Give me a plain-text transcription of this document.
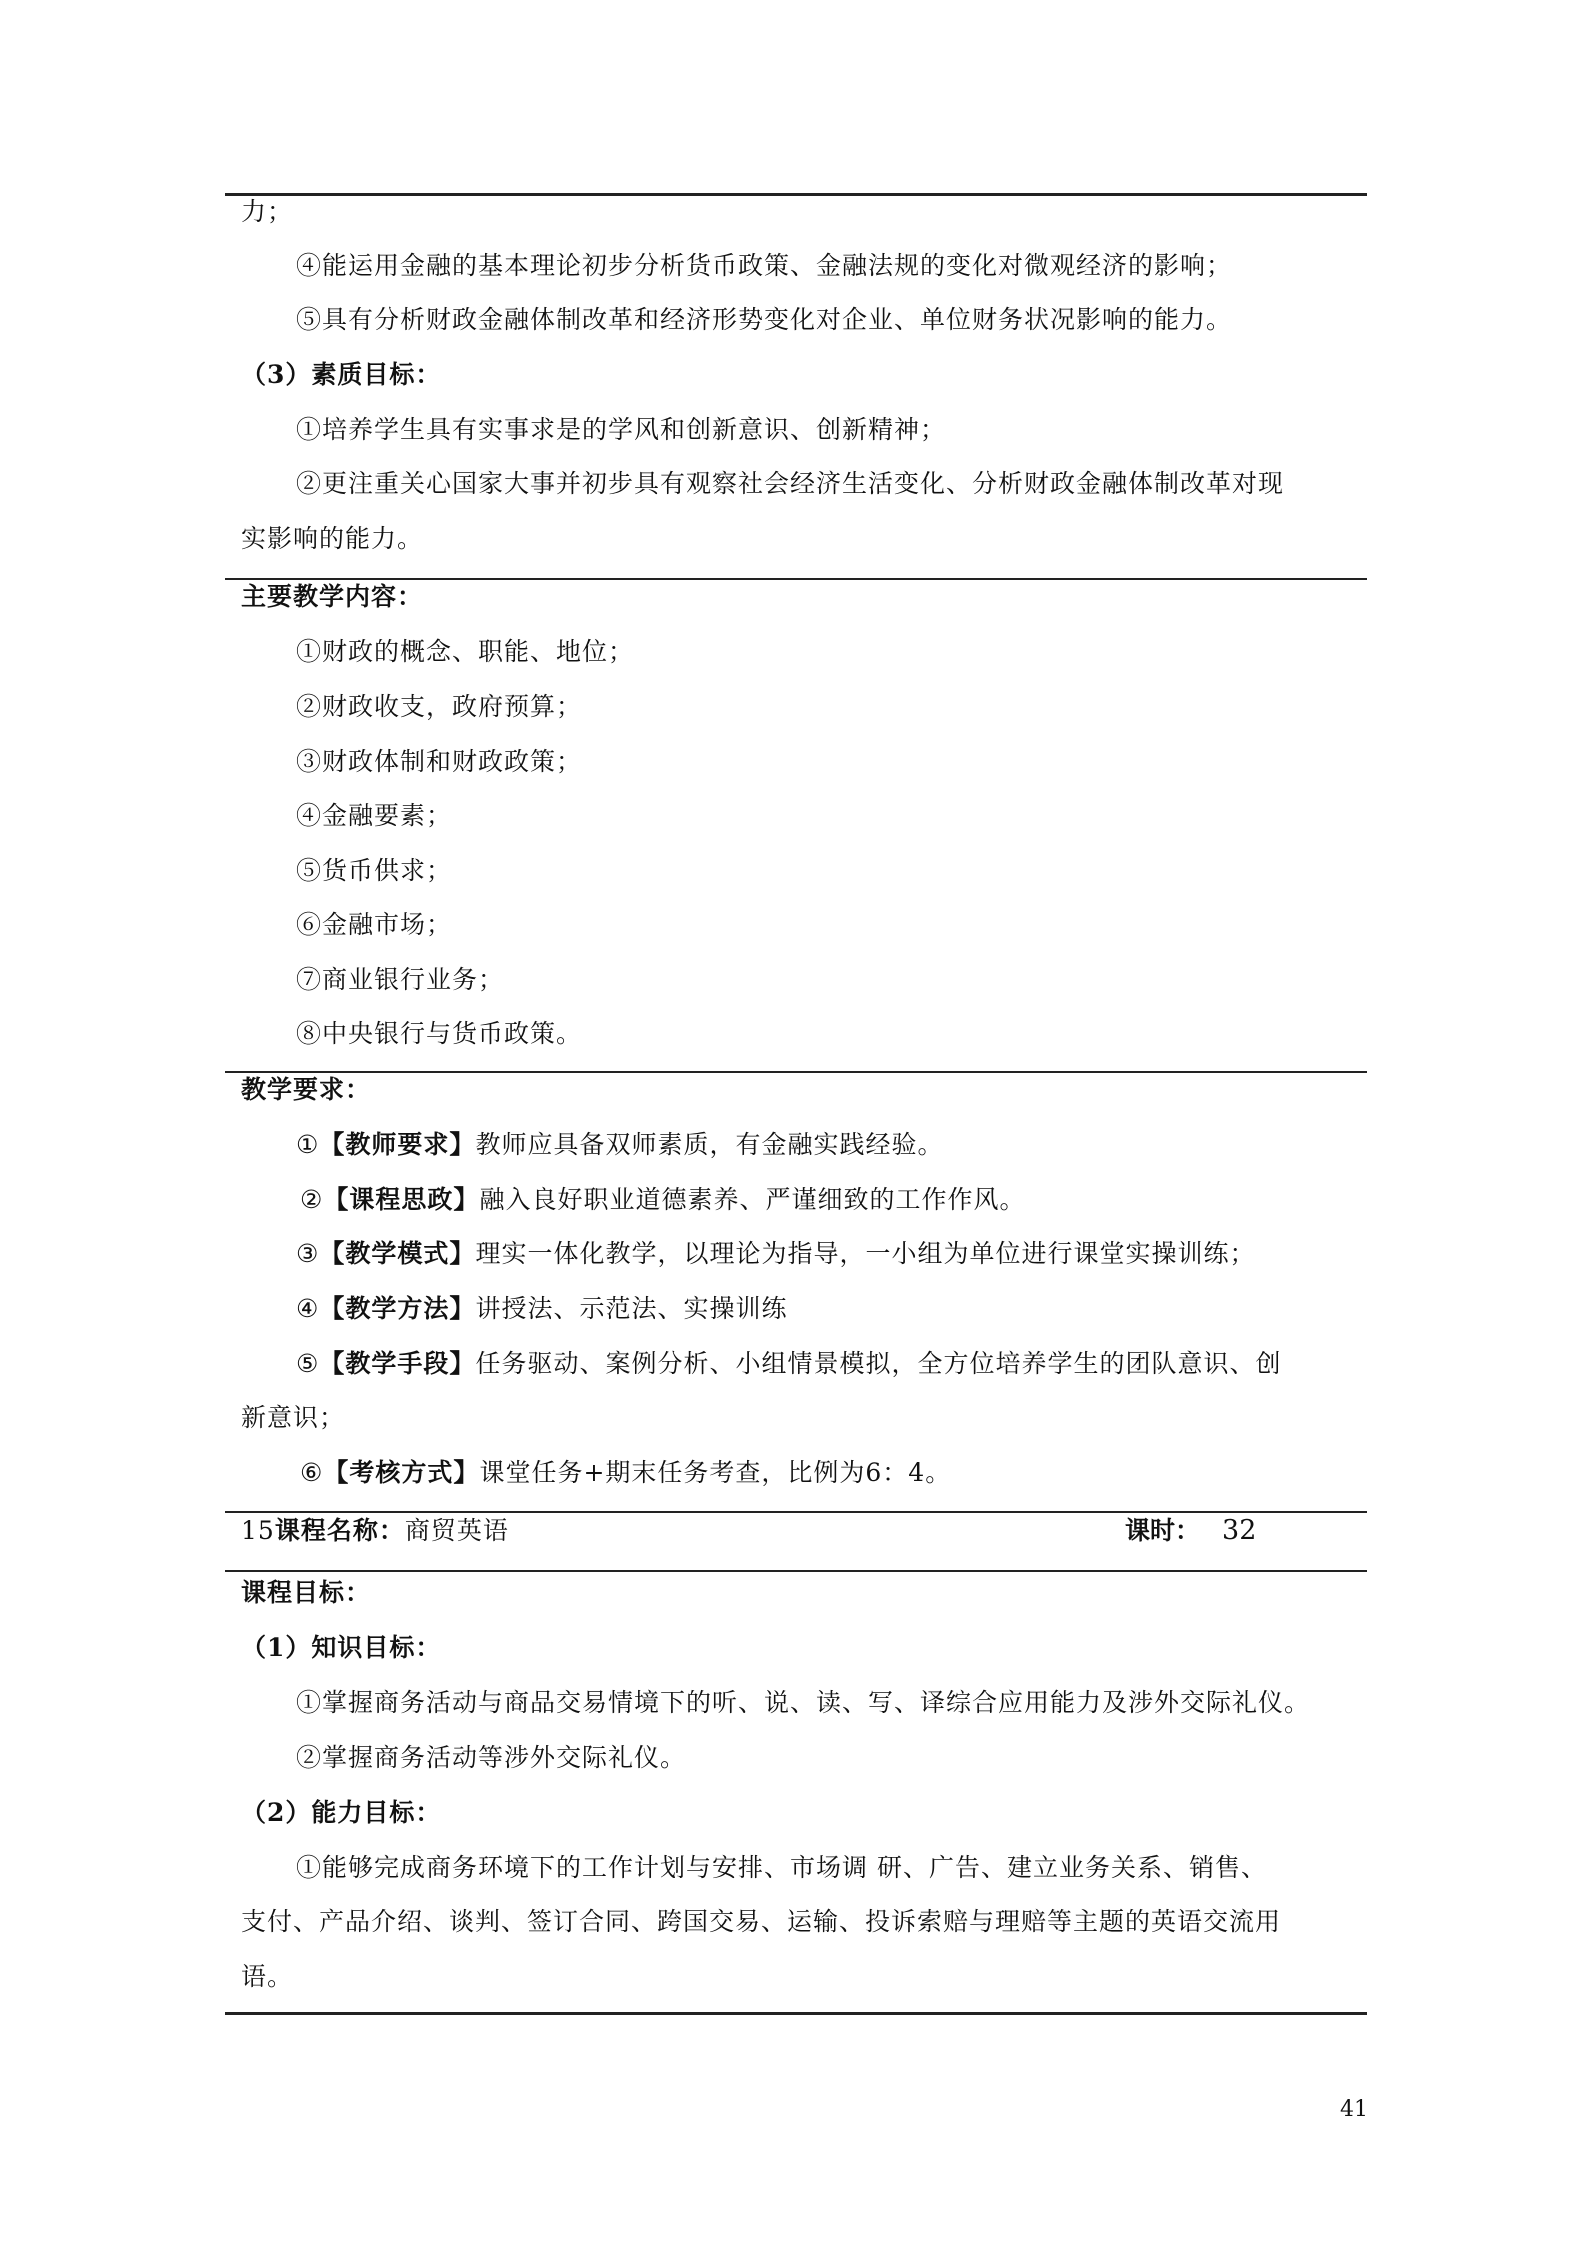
力；
④能运用金融的基本理论初步分析货币政策、金融法规的变化对微观经济的影响；
⑤具有分析财政金融体制改革和经济形势变化对企业、单位财务状况影响的能力。
（3）素质目标：
①培养学生具有实事求是的学风和创新意识、创新精神；
②更注重关心国家大事并初步具有观察社会经济生活变化、分析财政金融体制改革对现
实影响的能力。
主要教学内容：
①财政的概念、职能、地位；
②财政收支，政府预算；
③财政体制和财政政策；
④金融要素；
⑤货币供求；
⑥金融市场；
⑦商业银行业务；
⑧中央银行与货币政策。
教学要求：
①【教师要求】教师应具备双师素质，有金融实践经验。
②【课程思政】融入良好职业道德素养、严谨细致的工作作风。
③【教学模式】理实一体化教学，以理论为指导，一小组为单位进行课堂实操训练；
④【教学方法】讲授法、示范法、实操训练
⑤【教学手段】任务驱动、案例分析、小组情景模拟，全方位培养学生的团队意识、创
新意识；
⑥【考核方式】课堂任务+期末任务考查，比例为6：4。
15课程名称：商贸英语	课时： 32
课程目标：
（1）知识目标：
①掌握商务活动与商品交易情境下的听、说、读、写、译综合应用能力及涉外交际礼仪。
②掌握商务活动等涉外交际礼仪。
（2）能力目标：
①能够完成商务环境下的工作计划与安排、市场调 研、广告、建立业务关系、销售、
支付、产品介绍、谈判、签订合同、跨国交易、运输、投诉索赔与理赔等主题的英语交流用
语。
41
